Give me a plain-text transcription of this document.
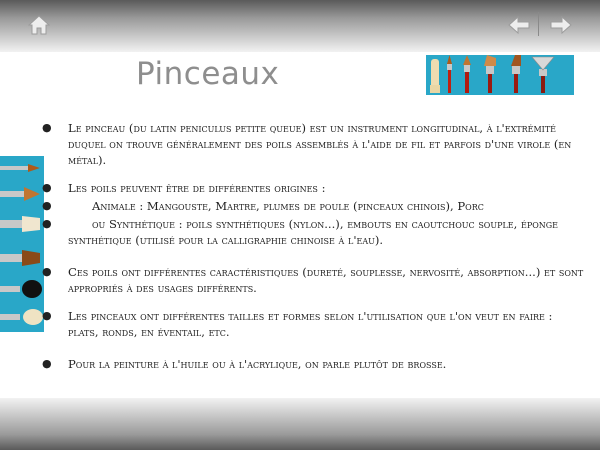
Pinceaux
●	Le pinceau (du latin peniculus petite queue) est un instrument longitudinal, à l'extrémité duquel on trouve généralement des poils assemblés à l'aide de fil et parfois d'une virole (en métal).
●	Les poils peuvent être de différentes origines :
●	Animale : Mangouste, Martre, plumes de poule (pinceaux chinois), Porc
●	ou Synthétique : poils synthétiques (nylon...), embouts en caoutchouc souple, éponge synthétique (utilisé pour la calligraphie chinoise à l'eau).
●	Ces poils ont différentes caractéristiques (dureté, souplesse, nervosité, absorption...) et sont appropriés à des usages différents.
●	Les pinceaux ont différentes tailles et formes selon l'utilisation que l'on veut en faire : plats, ronds, en éventail, etc.
●	Pour la peinture à l'huile ou à l'acrylique, on parle plutôt de brosse.
